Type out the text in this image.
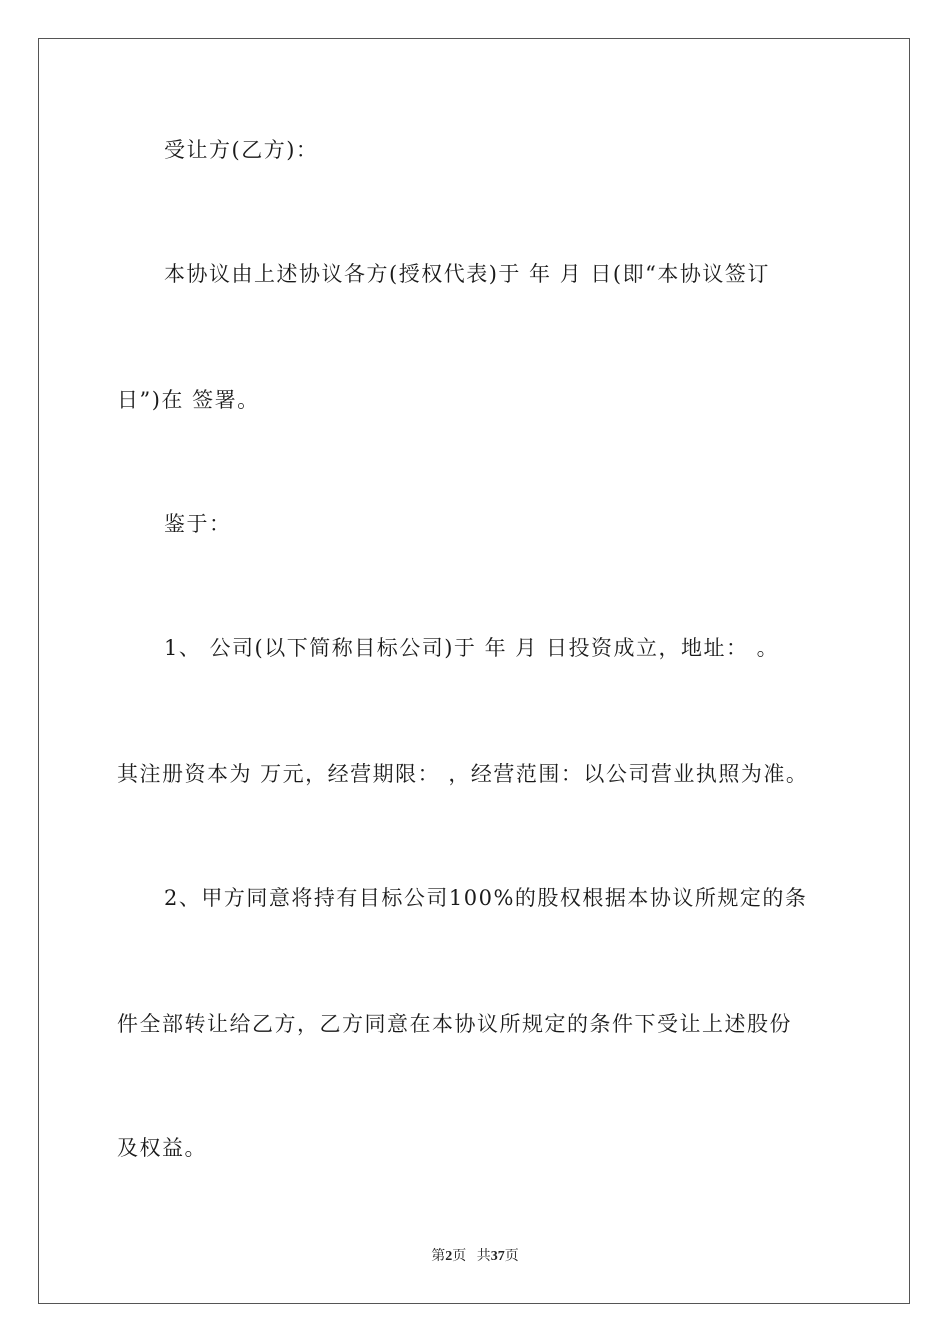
受让方(乙方)：
本协议由上述协议各方(授权代表)于 年 月 日(即“本协议签订
日”)在 签署。
鉴于：
1、 公司(以下简称目标公司)于 年 月 日投资成立，地址： 。
其注册资本为 万元，经营期限： ，经营范围：以公司营业执照为准。
2、甲方同意将持有目标公司100%的股权根据本协议所规定的条
件全部转让给乙方，乙方同意在本协议所规定的条件下受让上述股份
及权益。
第2页 共37页
